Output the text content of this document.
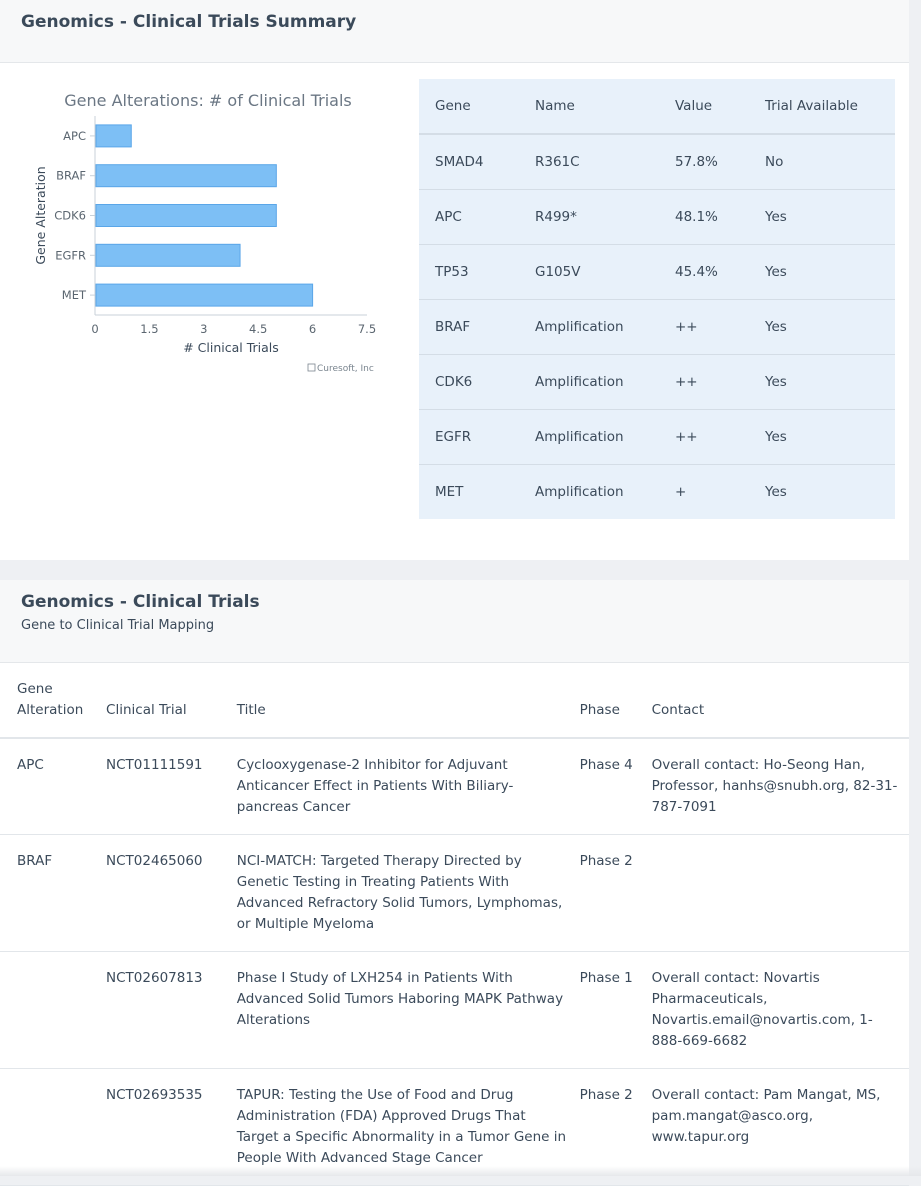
Genomics - Clinical Trials Summary
Gene Alterations: # of Clinical Trials
APC
BRAF
CDK6
EGFR
MET
0	1.5	3	4.5	6	7.5
# Clinical Trials
Gene Alteration
Curesoft, Inc
Gene	Name	Value	Trial Available
SMAD4	R361C	57.8%	No
APC	R499*	48.1%	Yes
TP53	G105V	45.4%	Yes
BRAF	Amplification	++	Yes
CDK6	Amplification	++	Yes
EGFR	Amplification	++	Yes
MET	Amplification	+	Yes
Genomics - Clinical Trials
Gene to Clinical Trial Mapping
Gene
Alteration	Clinical Trial	Title	Phase	Contact
APC	NCT01111591	Cyclooxygenase-2 Inhibitor for Adjuvant Anticancer Effect in Patients With Biliary-pancreas Cancer	Phase 4	Overall contact: Ho-Seong Han, Professor, hanhs@snubh.org, 82-31-787-7091
BRAF	NCT02465060	NCI-MATCH: Targeted Therapy Directed by Genetic Testing in Treating Patients With Advanced Refractory Solid Tumors, Lymphomas, or Multiple Myeloma	Phase 2	
	NCT02607813	Phase I Study of LXH254 in Patients With Advanced Solid Tumors Haboring MAPK Pathway Alterations	Phase 1	Overall contact: Novartis Pharmaceuticals, Novartis.email@novartis.com, 1-888-669-6682
	NCT02693535	TAPUR: Testing the Use of Food and Drug Administration (FDA) Approved Drugs That Target a Specific Abnormality in a Tumor Gene in People With Advanced Stage Cancer	Phase 2	Overall contact: Pam Mangat, MS, pam.mangat@asco.org, www.tapur.org
